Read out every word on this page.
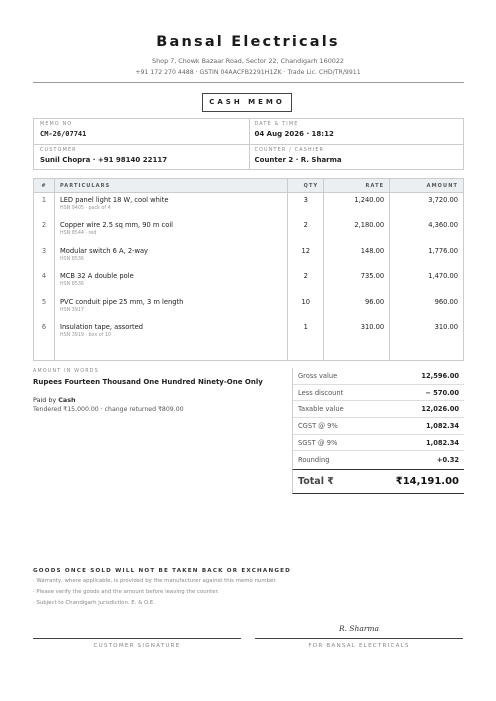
Bansal Electricals
Shop 7, Chowk Bazaar Road, Sector 22, Chandigarh 160022
+91 172 270 4488 · GSTIN 04AACFB2291H1ZK · Trade Lic. CHD/TR/9911
CASH MEMO
MEMO NO
CM-26/07741
DATE & TIME
04 Aug 2026 · 18:12
CUSTOMER
Sunil Chopra · +91 98140 22117
COUNTER / CASHIER
Counter 2 · R. Sharma
#	PARTICULARS	QTY	RATE	AMOUNT
1	LED panel light 18 W, cool white
HSN 9405 · pack of 4	3	1,240.00	3,720.00
2	Copper wire 2.5 sq mm, 90 m coil
HSN 8544 · red	2	2,180.00	4,360.00
3	Modular switch 6 A, 2-way
HSN 8536	12	148.00	1,776.00
4	MCB 32 A double pole
HSN 8536	2	735.00	1,470.00
5	PVC conduit pipe 25 mm, 3 m length
HSN 3917	10	96.00	960.00
6	Insulation tape, assorted
HSN 3919 · box of 10	1	310.00	310.00

AMOUNT IN WORDS
Rupees Fourteen Thousand One Hundred Ninety-One Only
Paid by Cash
Tendered ₹15,000.00 · change returned ₹809.00
Gross value	12,596.00
Less discount	− 570.00
Taxable value	12,026.00
CGST @ 9%	1,082.34
SGST @ 9%	1,082.34
Rounding	+0.32
Total ₹	₹14,191.00
GOODS ONCE SOLD WILL NOT BE TAKEN BACK OR EXCHANGED
· Warranty, where applicable, is provided by the manufacturer against this memo number.
· Please verify the goods and the amount before leaving the counter.
· Subject to Chandigarh jurisdiction. E. & O.E.
R. Sharma
CUSTOMER SIGNATURE	FOR BANSAL ELECTRICALS
